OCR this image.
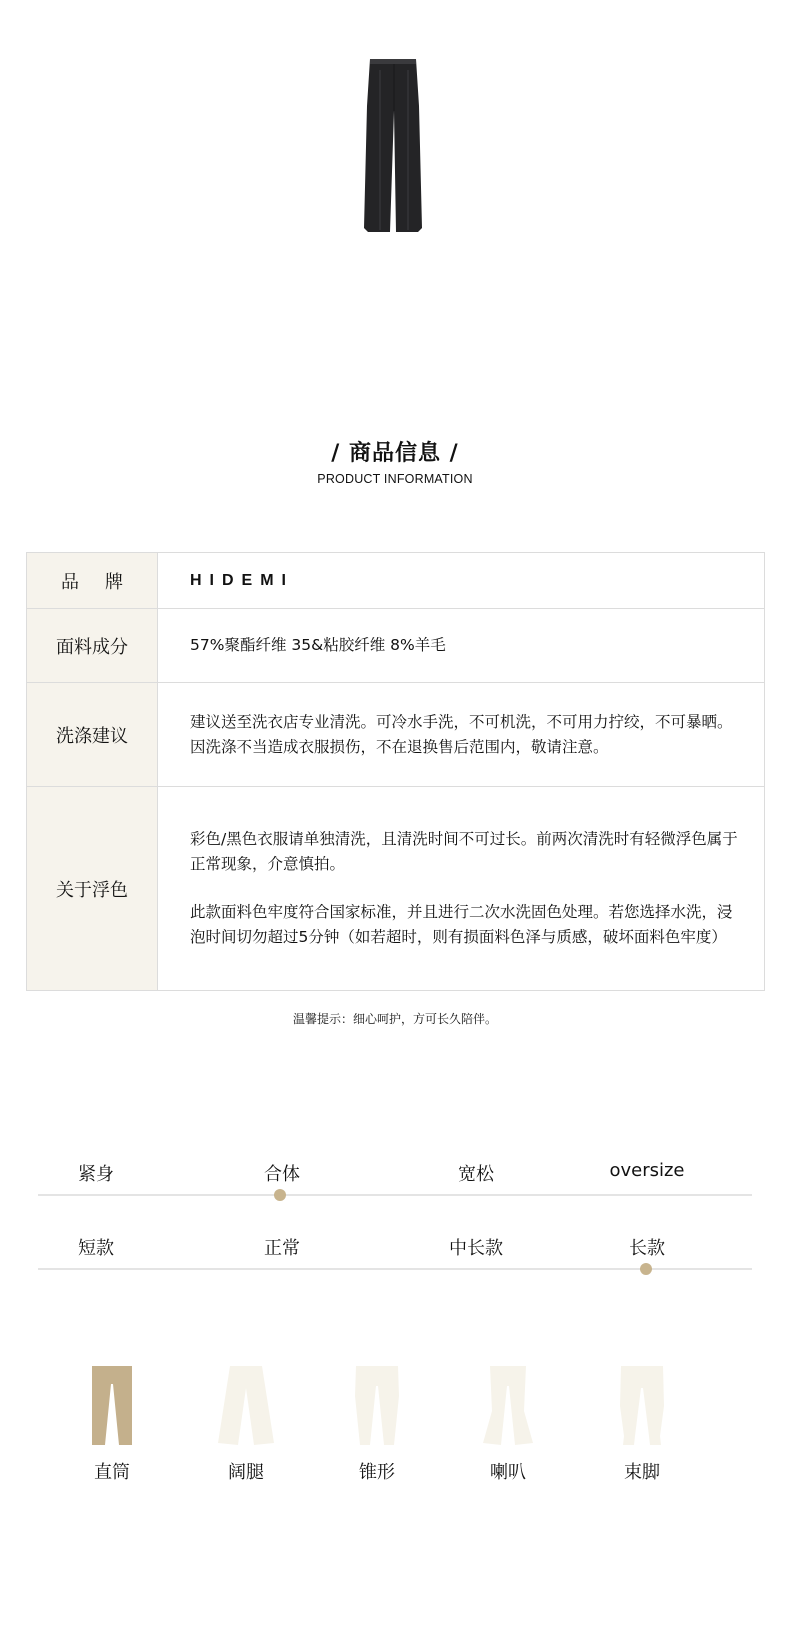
/ 商品信息 /
PRODUCT INFORMATION
品牌	HIDEMI
面料成分	57%聚酯纤维 35&粘胶纤维 8%羊毛
洗涤建议	建议送至洗衣店专业清洗。可冷水手洗，不可机洗，不可用力拧绞，不可暴晒。因洗涤不当造成衣服损伤，不在退换售后范围内，敬请注意。
关于浮色	彩色/黑色衣服请单独清洗，且清洗时间不可过长。前两次清洗时有轻微浮色属于正常现象，介意慎拍。

此款面料色牢度符合国家标准，并且进行二次水洗固色处理。若您选择水洗，浸泡时间切勿超过5分钟（如若超时，则有损面料色泽与质感，破坏面料色牢度）

温馨提示：细心呵护，方可长久陪伴。
紧身	合体	宽松	oversize
短款	正常	中长款	长款
直筒	阔腿	锥形	喇叭	束脚
